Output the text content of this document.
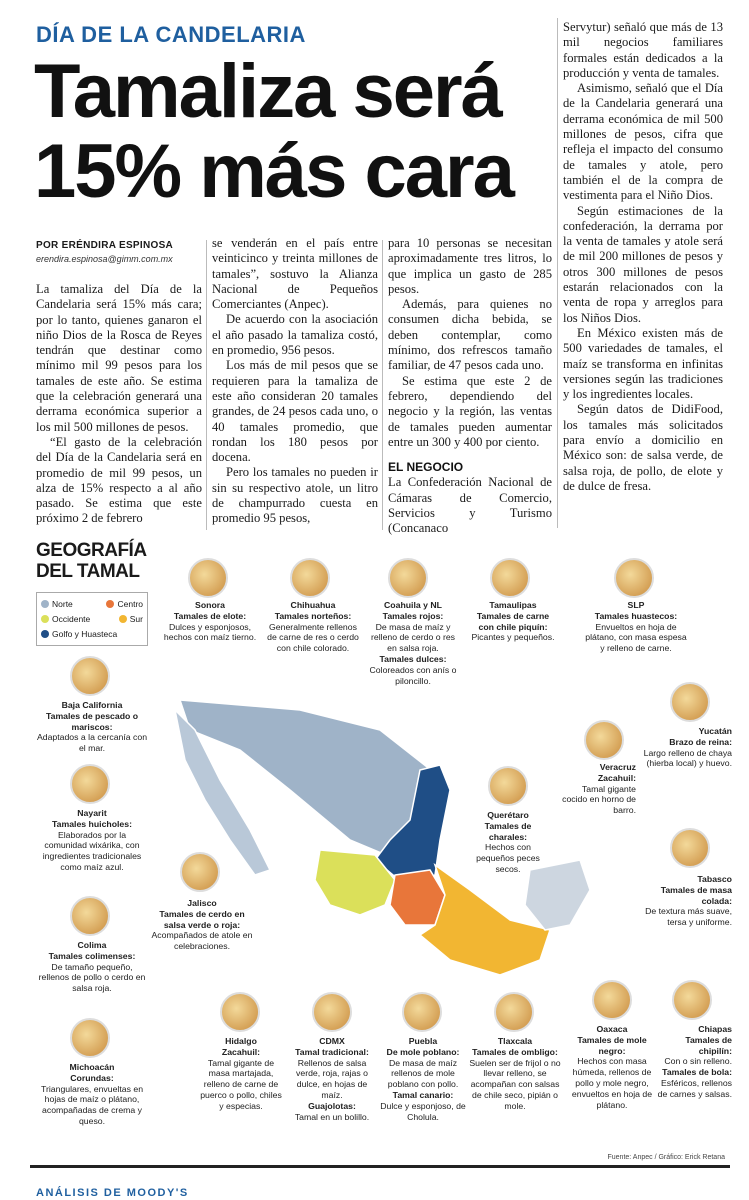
DÍA DE LA CANDELARIA
Tamaliza será 15% más cara
POR ERÉNDIRA ESPINOSA
erendira.espinosa@gimm.com.mx

La tamaliza del Día de la Candelaria será 15% más cara; por lo tanto, quienes ganaron el niño Dios de la Rosca de Reyes tendrán que destinar como mínimo mil 99 pesos para los tamales de este año. Se estima que la celebración generará una derrama económica superior a los mil 500 millones de pesos.

“El gasto de la celebración del Día de la Candelaria será en promedio de mil 99 pesos, un alza de 15% respecto a al año pasado. Se estima que este próximo 2 de febrero

se venderán en el país entre veinticinco y treinta millones de tamales”, sostuvo la Alianza Nacional de Pequeños Comerciantes (Anpec).

De acuerdo con la asociación el año pasado la tamaliza costó, en promedio, 956 pesos.

Los más de mil pesos que se requieren para la tamaliza de este año consideran 20 tamales grandes, de 24 pesos cada uno, o 40 tamales promedio, que rondan los 180 pesos por docena.

Pero los tamales no pueden ir sin su respectivo atole, un litro de champurrado cuesta en promedio 95 pesos,

para 10 personas se necesitan aproximadamente tres litros, lo que implica un gasto de 285 pesos.

Además, para quienes no consumen dicha bebida, se deben contemplar, como mínimo, dos refrescos tamaño familiar, de 47 pesos cada uno.

Se estima que este 2 de febrero, dependiendo del negocio y la región, las ventas de tamales pueden aumentar entre un 300 y 400 por ciento.

EL NEGOCIO

La Confederación Nacional de Cámaras de Comercio, Servicios y Turismo (Concanaco

Servytur) señaló que más de 13 mil negocios familiares formales están dedicados a la producción y venta de tamales.

Asimismo, señaló que el Día de la Candelaria generará una derrama económica de mil 500 millones de pesos, cifra que refleja el impacto del consumo de tamales y atole, pero también el de la compra de vestimenta para el Niño Dios.

Según estimaciones de la confederación, la derrama por la venta de tamales y atole será de mil 200 millones de pesos y otros 300 millones de pesos estarán relacionados con la venta de ropa y arreglos para los Niños Dios.

En México existen más de 500 variedades de tamales, el maíz se transforma en infinitas versiones según las tradiciones y los ingredientes locales.

Según datos de DidiFood, los tamales más solicitados para envío a domicilio en México son: de salsa verde, de salsa roja, de pollo, de elote y de dulce de fresa.

GEOGRAFÍA
DEL TAMAL
Norte	Centro
Occidente	Sur
Golfo y Huasteca
Sonora
Tamales de elote:
Dulces y esponjosos, hechos con maíz tierno.
Chihuahua
Tamales norteños:
Generalmente rellenos de carne de res o cerdo con chile colorado.
Coahuila y NL
Tamales rojos:
De masa de maíz y relleno de cerdo o res en salsa roja.
Tamales dulces:
Coloreados con anís o piloncillo.
Tamaulipas
Tamales de carne con chile piquín:
Picantes y pequeños.
SLP
Tamales huastecos:
Envueltos en hoja de plátano, con masa espesa y relleno de carne.
Baja California
Tamales de pescado o mariscos:
Adaptados a la cercanía con el mar.
Yucatán
Brazo de reina:
Largo relleno de chaya (hierba local) y huevo.
Veracruz
Zacahuil:
Tamal gigante cocido en horno de barro.
Nayarit
Tamales huicholes:
Elaborados por la comunidad wixárika, con ingredientes tradicionales como maíz azul.
Querétaro
Tamales de charales:
Hechos con pequeños peces secos.
Tabasco
Tamales de masa colada:
De textura más suave, tersa y uniforme.
Jalisco
Tamales de cerdo en salsa verde o roja:
Acompañados de atole en celebraciones.
Colima
Tamales colimenses:
De tamaño pequeño, rellenos de pollo o cerdo en salsa roja.
Michoacán
Corundas:
Triangulares, envueltas en hojas de maíz o plátano, acompañadas de crema y queso.
Hidalgo
Zacahuil:
Tamal gigante de masa martajada, relleno de carne de puerco o pollo, chiles y especias.
CDMX
Tamal tradicional:
Rellenos de salsa verde, roja, rajas o dulce, en hojas de maíz.
Guajolotas:
Tamal en un bolillo.
Puebla
De mole poblano:
De masa de maíz rellenos de mole poblano con pollo.
Tamal canario:
Dulce y esponjoso, de Cholula.
Tlaxcala
Tamales de ombligo:
Suelen ser de frijol o no llevar relleno, se acompañan con salsas de chile seco, pipián o mole.
Oaxaca
Tamales de mole negro:
Hechos con masa húmeda, rellenos de pollo y mole negro, envueltos en hoja de plátano.
Chiapas
Tamales de chipilín:
Con o sin relleno.
Tamales de bola:
Esféricos, rellenos de carnes y salsas.
Fuente: Anpec / Gráfico: Erick Retana
ANÁLISIS DE MOODY'S
